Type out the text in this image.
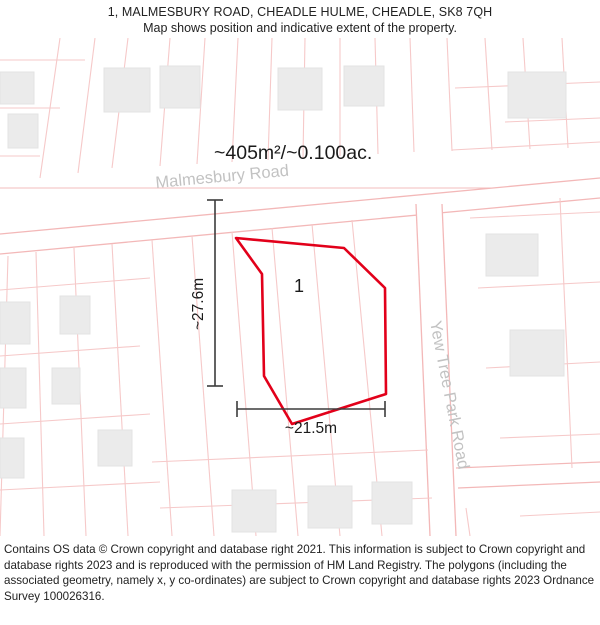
1, MALMESBURY ROAD, CHEADLE HULME, CHEADLE, SK8 7QH
Map shows position and indicative extent of the property.
~405m²/~0.100ac.
1
Malmesbury Road
Yew Tree Park Road
~27.6m
~21.5m

Contains OS data © Crown copyright and database right 2021. This information is subject to Crown copyright and database rights 2023 and is reproduced with the permission of HM Land Registry. The polygons (including the associated geometry, namely x, y co-ordinates) are subject to Crown copyright and database rights 2023 Ordnance Survey 100026316.
